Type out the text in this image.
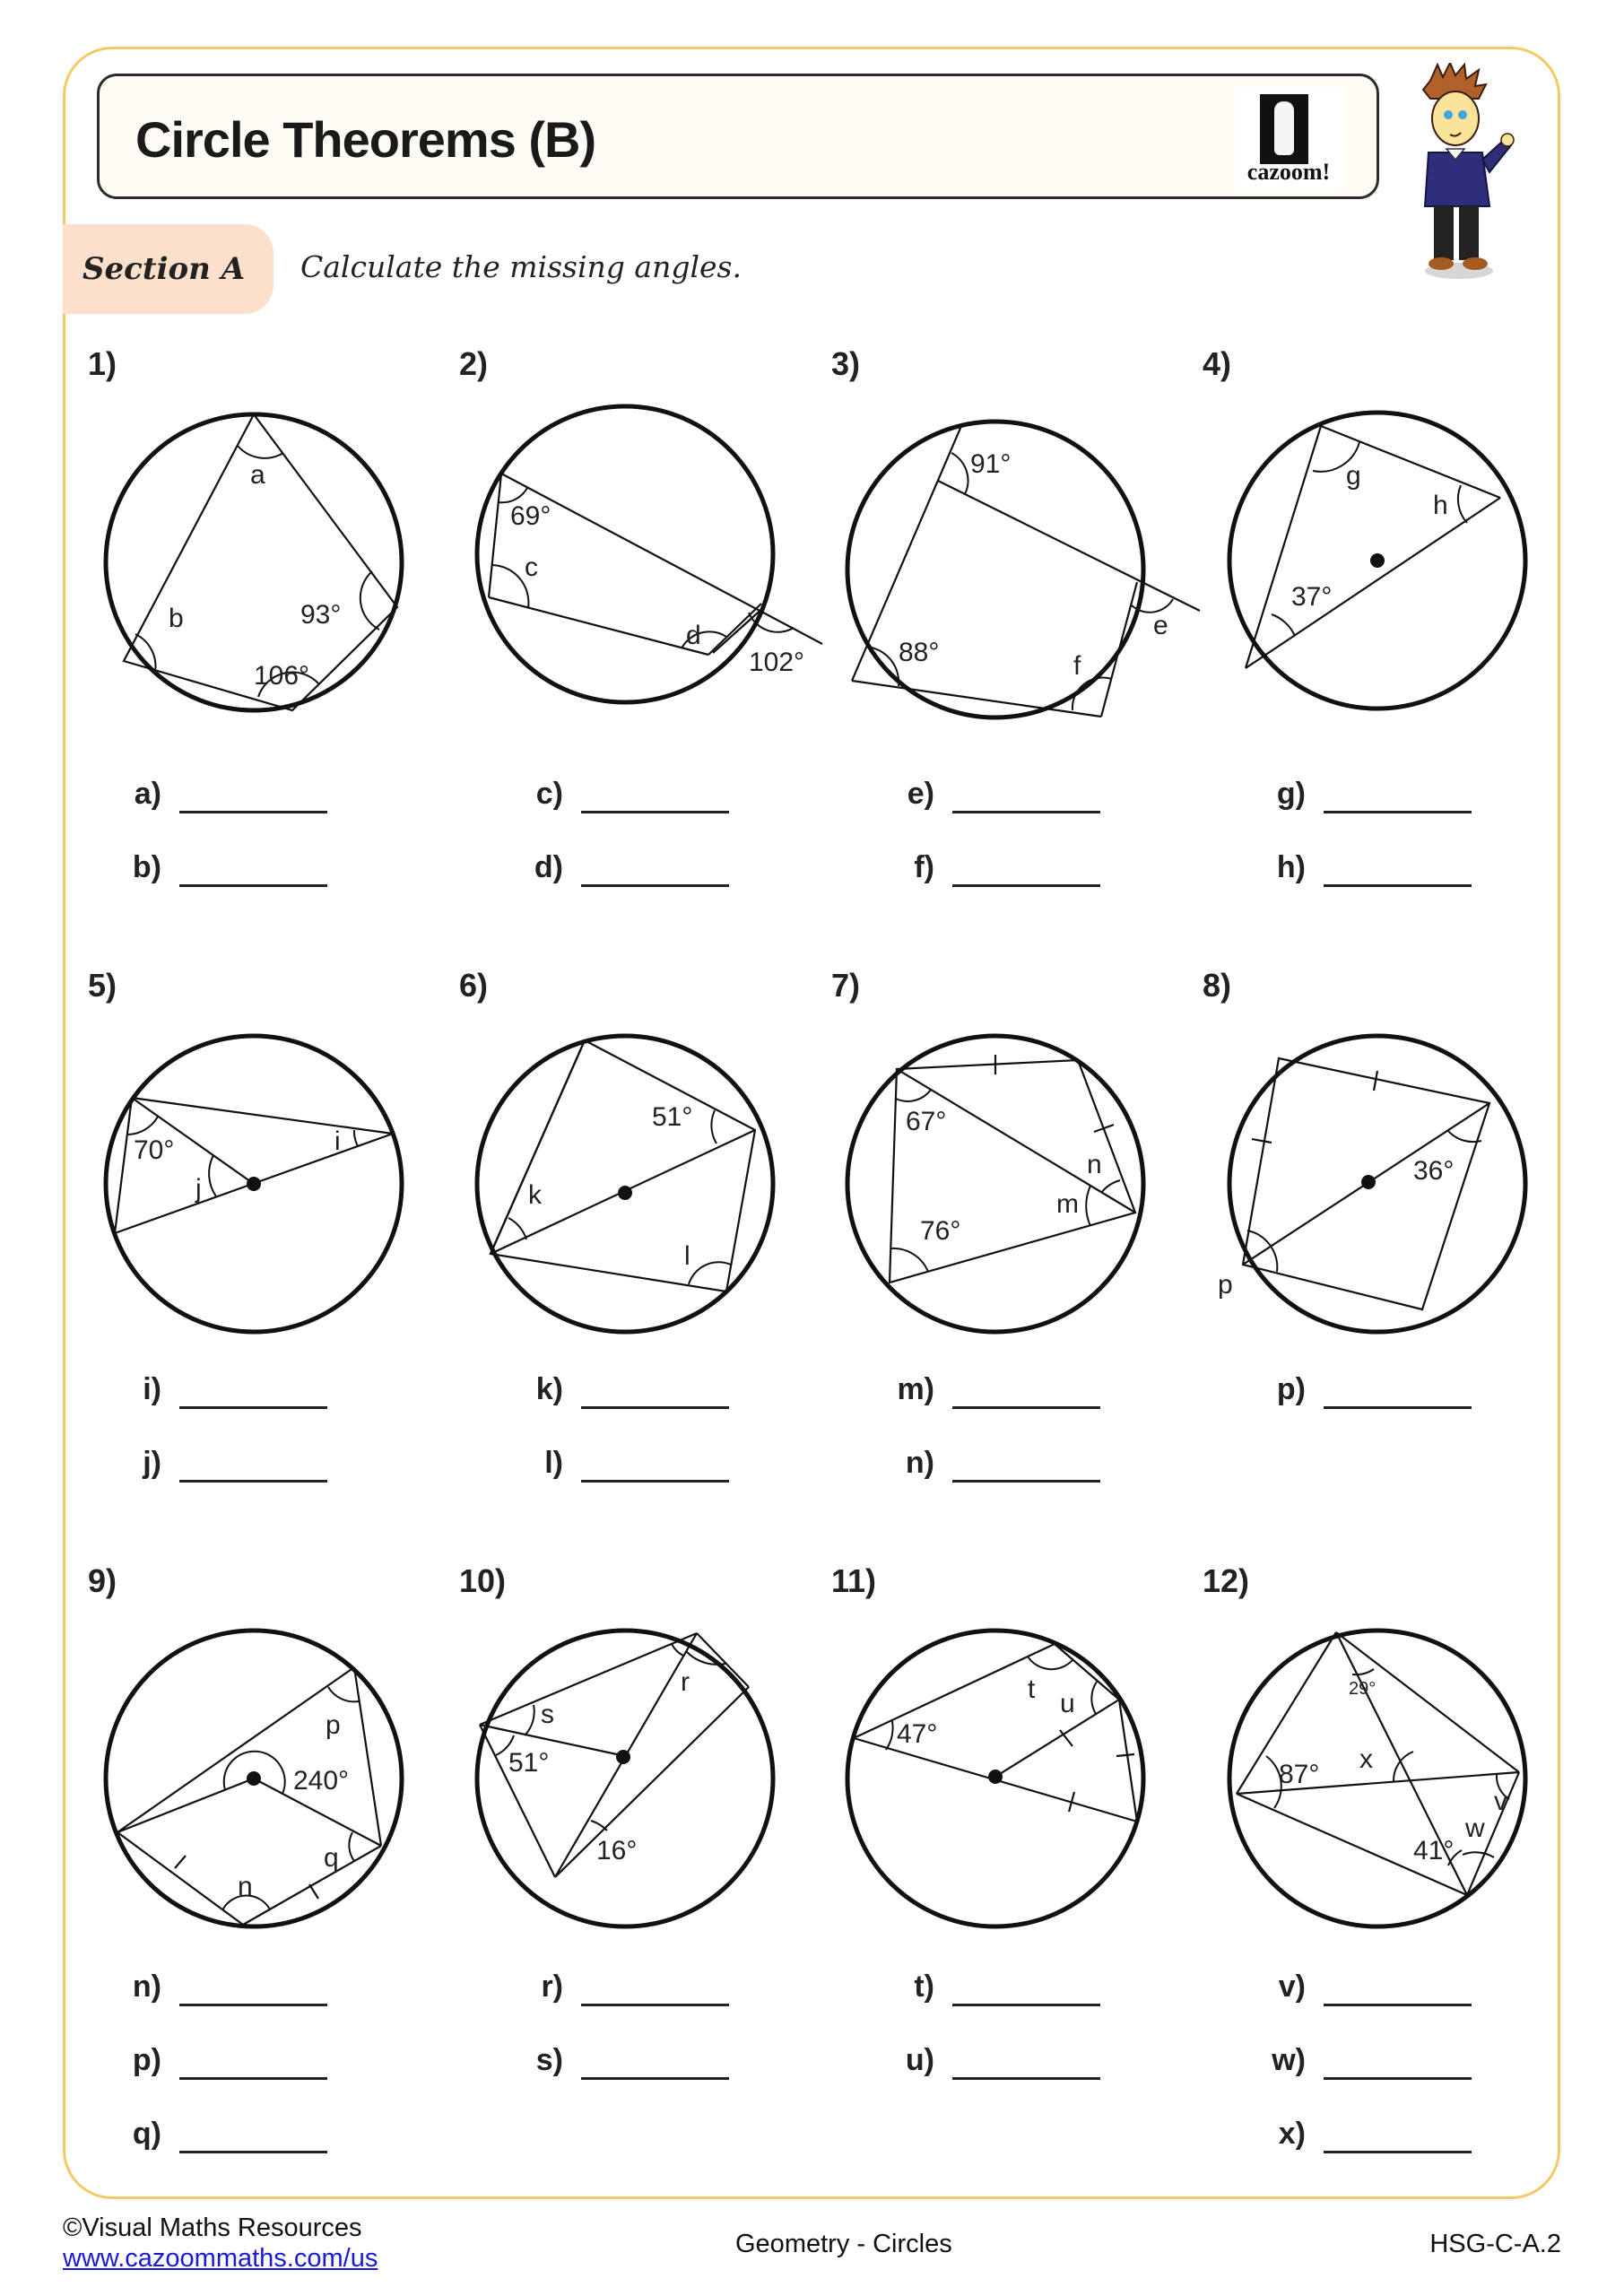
Circle Theorems (B)
cazoom!
Section A Calculate the missing angles.
1)	2)	3)	4)
a
93°
106°
b
69°
c
d
102°
91°
88°
e
f
g
h
37°
a)
b)
c)
d)
e)
f)
g)
h)
5)	6)	7)	8)
70°
j
i
51°
k
l
67°
76°
m
n	36°
p
i)
j)
k)
l)
m)
n)
p)
9)	10)	11)	12)
p
240°
q
n
s
51°
r
16°
47°
t u	29°
87°
x
v
w
41°
n)
p)
q)
r)
s)
t)
u)
v)
w)
x)
©Visual Maths Resources
www.cazoommaths.com/us	Geometry - Circles	HSG-C-A.2
